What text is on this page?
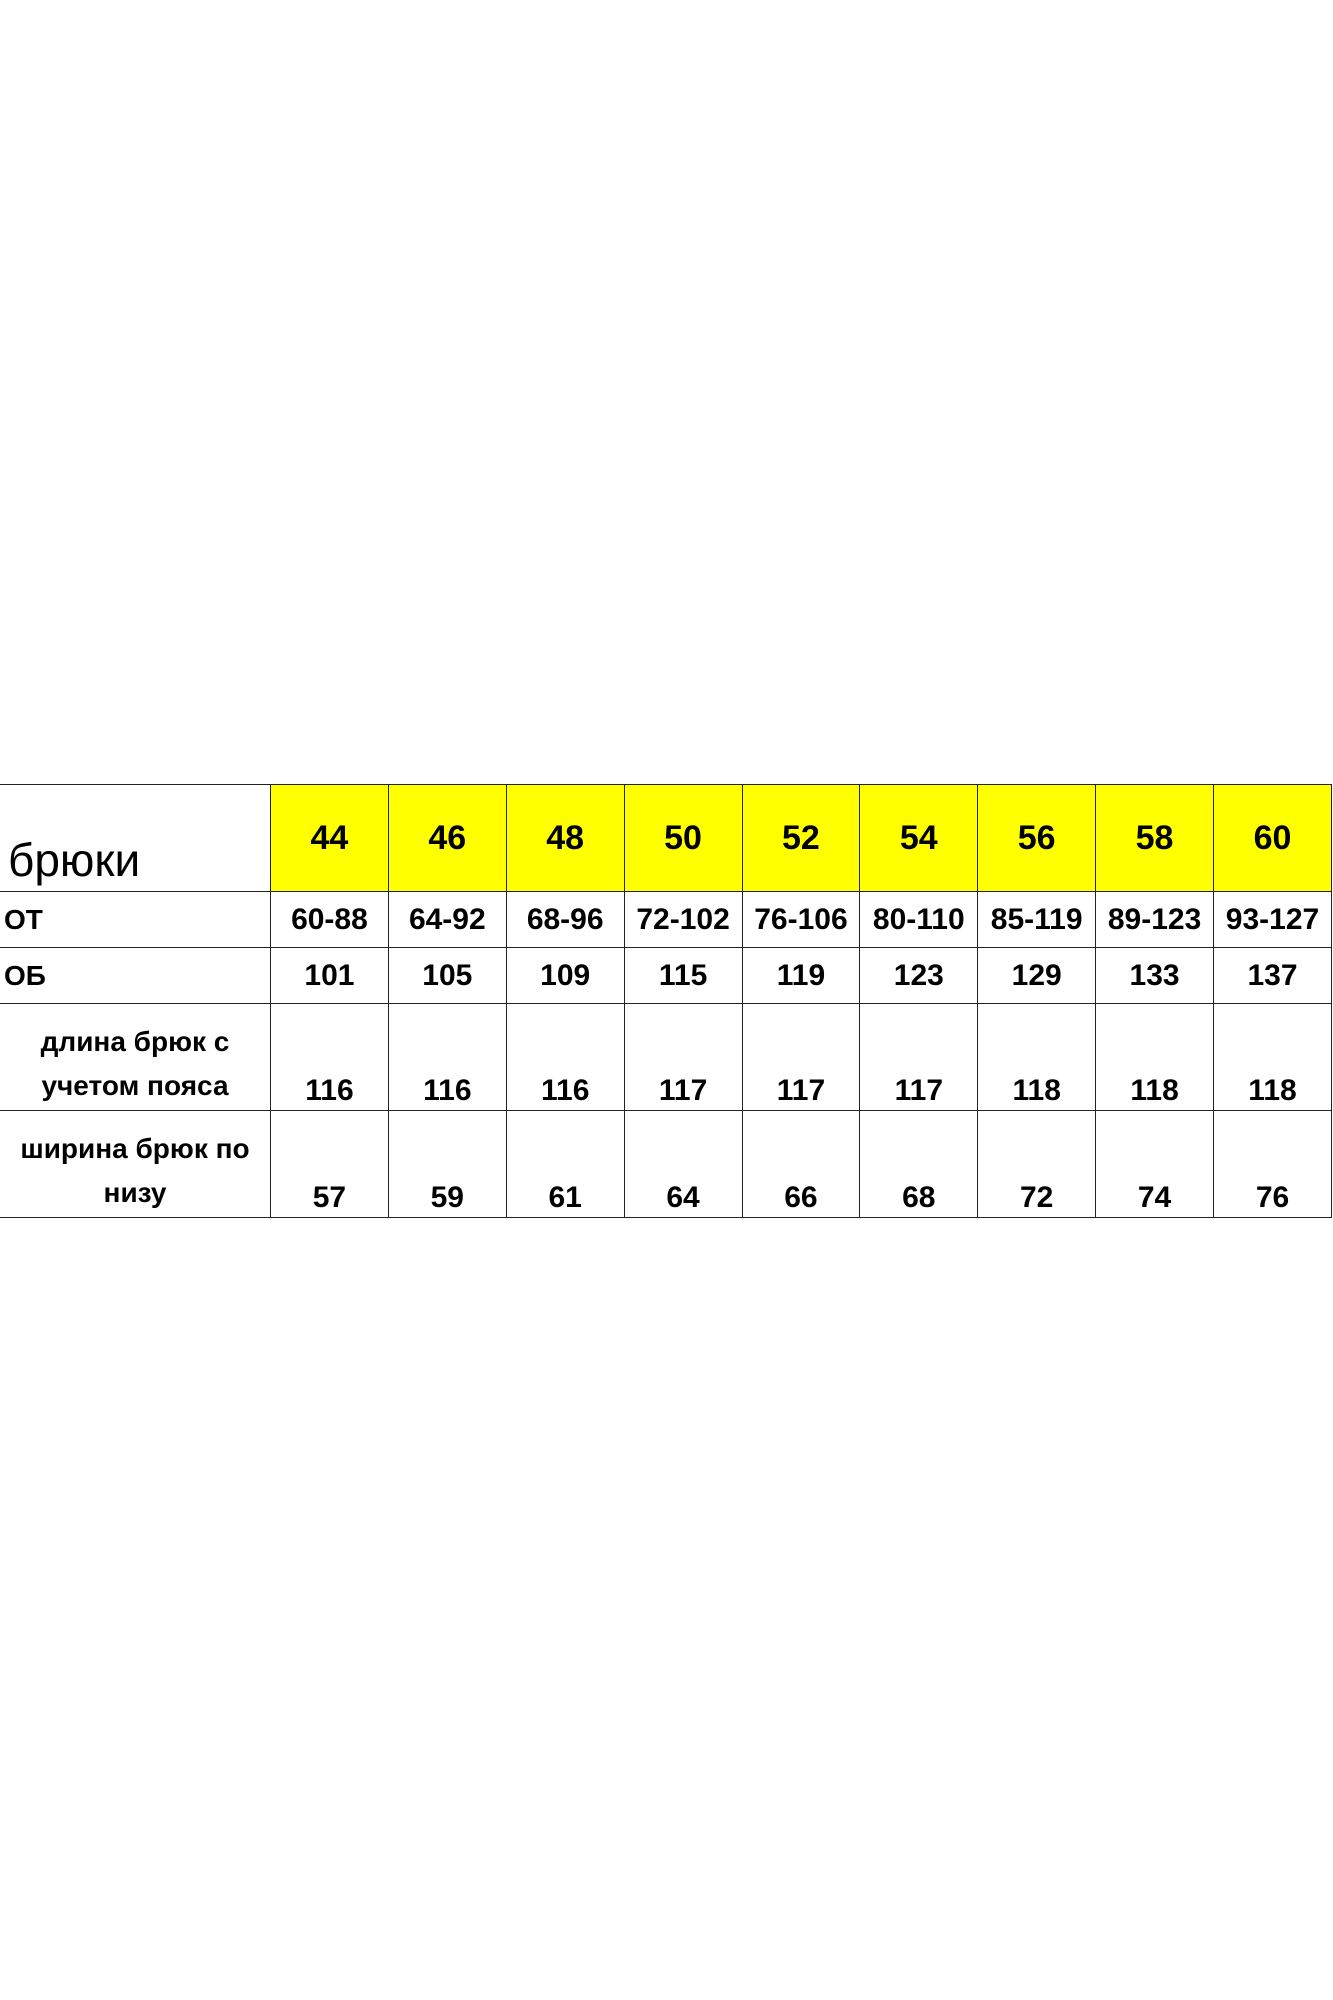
брюки	44	46	48	50	52	54	56	58	60
ОТ	60-88	64-92	68-96	72-102	76-106	80-110	85-119	89-123	93-127
ОБ	101	105	109	115	119	123	129	133	137

длина брюк с
учетом пояса	116	116	116	117	117	117	118	118	118

ширина брюк по
низу	57	59	61	64	66	68	72	74	76
